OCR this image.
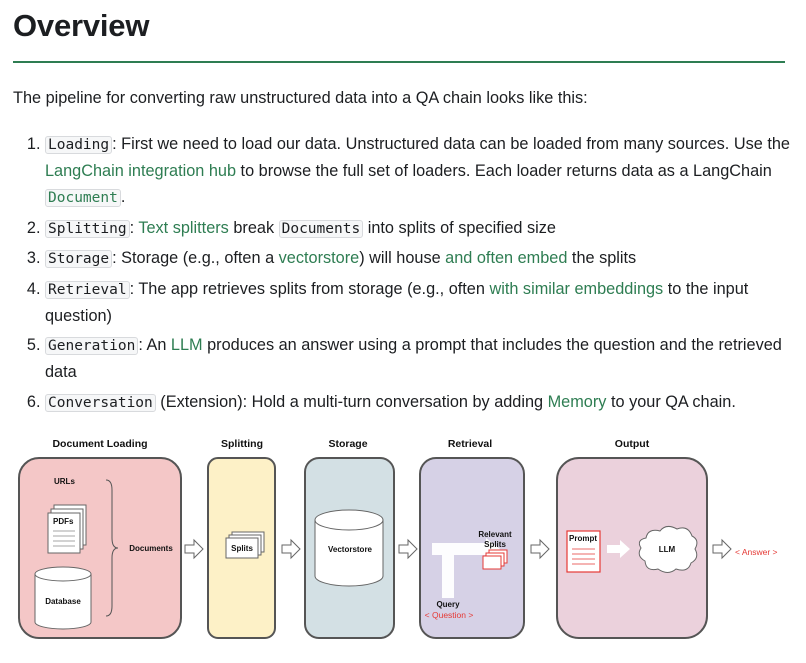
Overview

The pipeline for converting raw unstructured data into a QA chain looks like this:

1. Loading : First we need to load our data. Unstructured data can be loaded from many sources. Use the LangChain integration hub to browse the full set of loaders. Each loader returns data as a LangChain Document .
2. Splitting : Text splitters break Documents into splits of specified size
3. Storage : Storage (e.g., often a vectorstore) will house and often embed the splits
4. Retrieval : The app retrieves splits from storage (e.g., often with similar embeddings to the input question)
5. Generation : An LLM produces an answer using a prompt that includes the question and the retrieved data
6. Conversation (Extension): Hold a multi-turn conversation by adding Memory to your QA chain.
Document Loading	Splitting	Storage	Retrieval	Output
URLs
PDFs
Database
Documents	Splits	Vectorstore
Relevant
Splits
Query
< Question >
Prompt
LLM	< Answer >
